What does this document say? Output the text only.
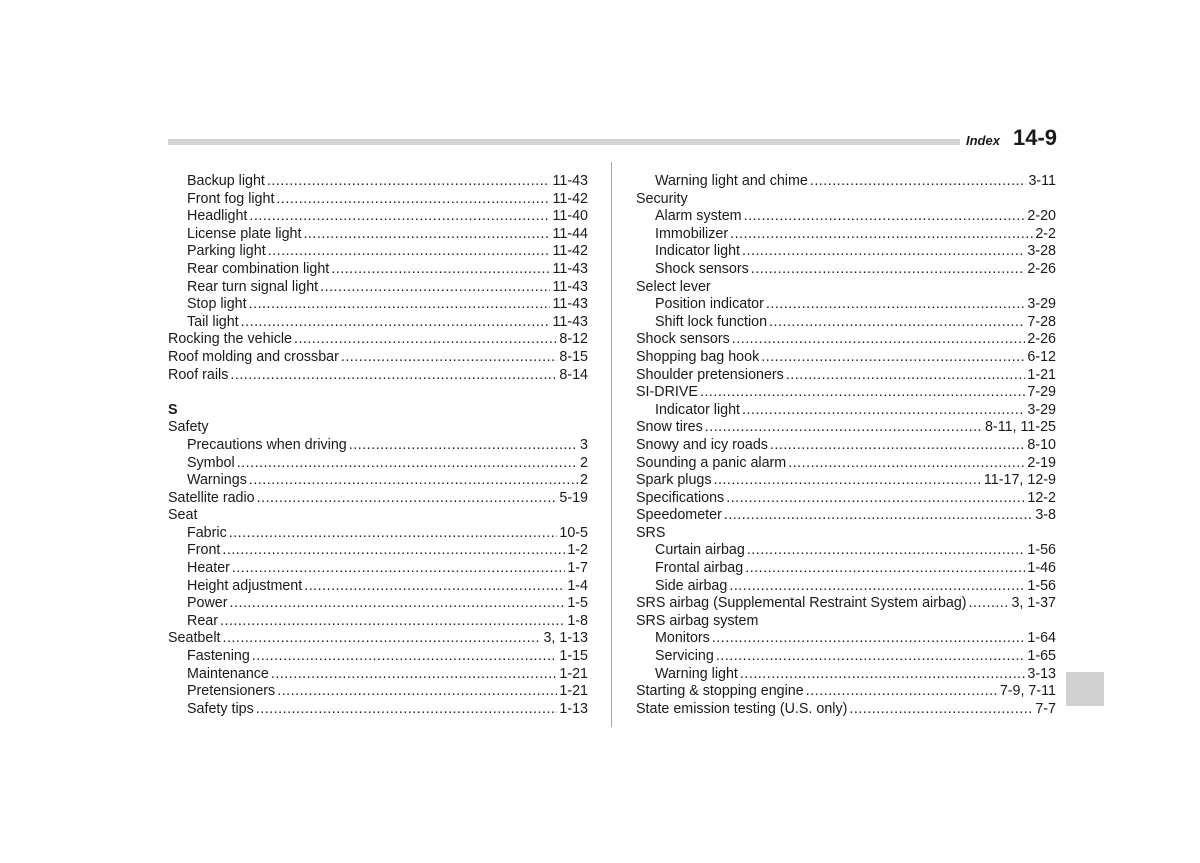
Index 14-9
Backup light .....	11-43
Front fog light .....	11-42
Headlight .....	11-40
License plate light .....	11-44
Parking light .....	11-42
Rear combination light .....	11-43
Rear turn signal light .....	11-43
Stop light .....	11-43
Tail light .....	11-43
Rocking the vehicle .....	8-12
Roof molding and crossbar .....	8-15
Roof rails .....	8-14
S
Safety
Precautions when driving .....	3
Symbol .....	2
Warnings .....	2
Satellite radio .....	5-19
Seat
Fabric .....	10-5
Front .....	1-2
Heater .....	1-7
Height adjustment .....	1-4
Power .....	1-5
Rear .....	1-8
Seatbelt .....	3, 1-13
Fastening .....	1-15
Maintenance .....	1-21
Pretensioners .....	1-21
Safety tips .....	1-13
Warning light and chime .....	3-11
Security
Alarm system .....	2-20
Immobilizer .....	2-2
Indicator light .....	3-28
Shock sensors .....	2-26
Select lever
Position indicator .....	3-29
Shift lock function .....	7-28
Shock sensors .....	2-26
Shopping bag hook .....	6-12
Shoulder pretensioners .....	1-21
SI-DRIVE .....	7-29
Indicator light .....	3-29
Snow tires .....	8-11, 11-25
Snowy and icy roads .....	8-10
Sounding a panic alarm .....	2-19
Spark plugs .....	11-17, 12-9
Specifications .....	12-2
Speedometer .....	3-8
SRS
Curtain airbag .....	1-56
Frontal airbag .....	1-46
Side airbag .....	1-56
SRS airbag (Supplemental Restraint System airbag) .....	3, 1-37
SRS airbag system
Monitors .....	1-64
Servicing .....	1-65
Warning light .....	3-13
Starting & stopping engine .....	7-9, 7-11
State emission testing (U.S. only) .....	7-7
